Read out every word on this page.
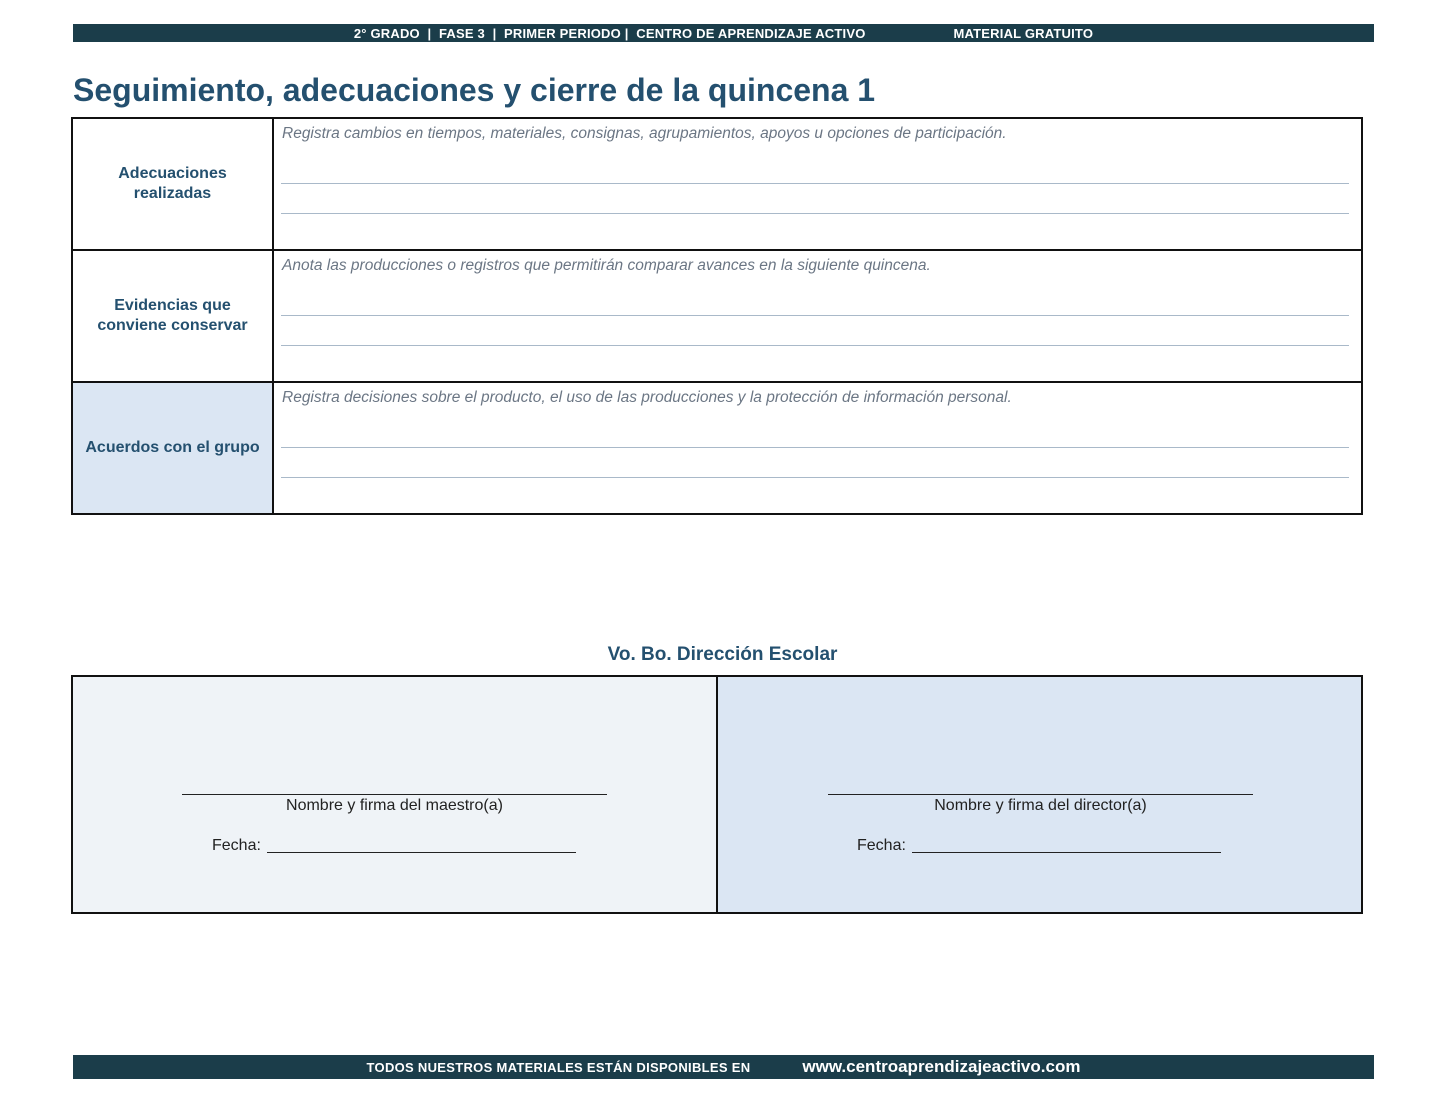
2° GRADO  |  FASE 3  |  PRIMER PERIODO |  CENTRO DE APRENDIZAJE ACTIVO	MATERIAL GRATUITO
Seguimiento, adecuaciones y cierre de la quincena 1
Adecuaciones realizadas
Registra cambios en tiempos, materiales, consignas, agrupamientos, apoyos u opciones de participación.
Evidencias que conviene conservar
Anota las producciones o registros que permitirán comparar avances en la siguiente quincena.
Acuerdos con el grupo
Registra decisiones sobre el producto, el uso de las producciones y la protección de información personal.
Vo. Bo. Dirección Escolar
Nombre y firma del maestro(a)
Fecha:
Nombre y firma del director(a)
Fecha:
TODOS NUESTROS MATERIALES ESTÁN DISPONIBLES EN	www.centroaprendizajeactivo.com
